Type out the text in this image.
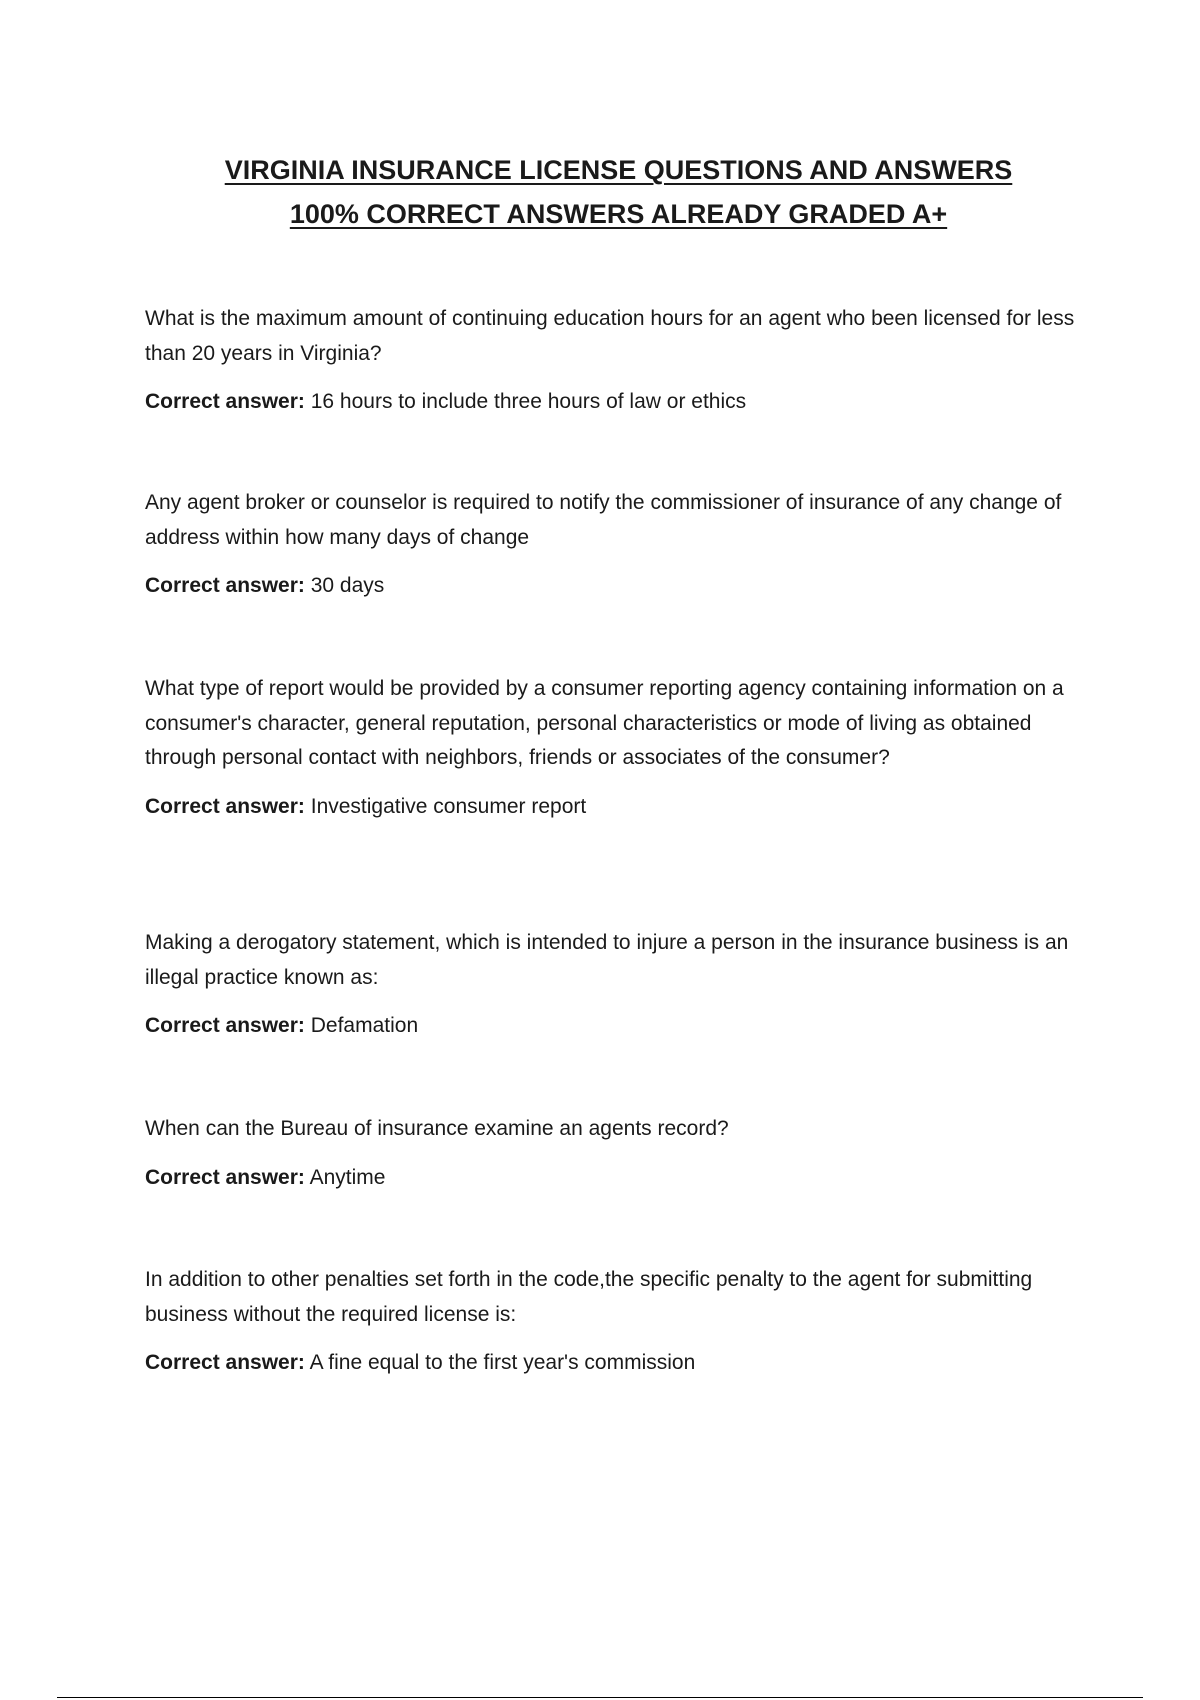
VIRGINIA INSURANCE LICENSE QUESTIONS AND ANSWERS
100% CORRECT ANSWERS ALREADY GRADED A+

What is the maximum amount of continuing education hours for an agent who been licensed for less than 20 years in Virginia?

Correct answer: 16 hours to include three hours of law or ethics

Any agent broker or counselor is required to notify the commissioner of insurance of any change of address within how many days of change

Correct answer: 30 days

What type of report would be provided by a consumer reporting agency containing information on a consumer's character, general reputation, personal characteristics or mode of living as obtained through personal contact with neighbors, friends or associates of the consumer?

Correct answer: Investigative consumer report

Making a derogatory statement, which is intended to injure a person in the insurance business is an illegal practice known as:

Correct answer: Defamation

When can the Bureau of insurance examine an agents record?

Correct answer: Anytime

In addition to other penalties set forth in the code,the specific penalty to the agent for submitting business without the required license is:

Correct answer: A fine equal to the first year's commission
